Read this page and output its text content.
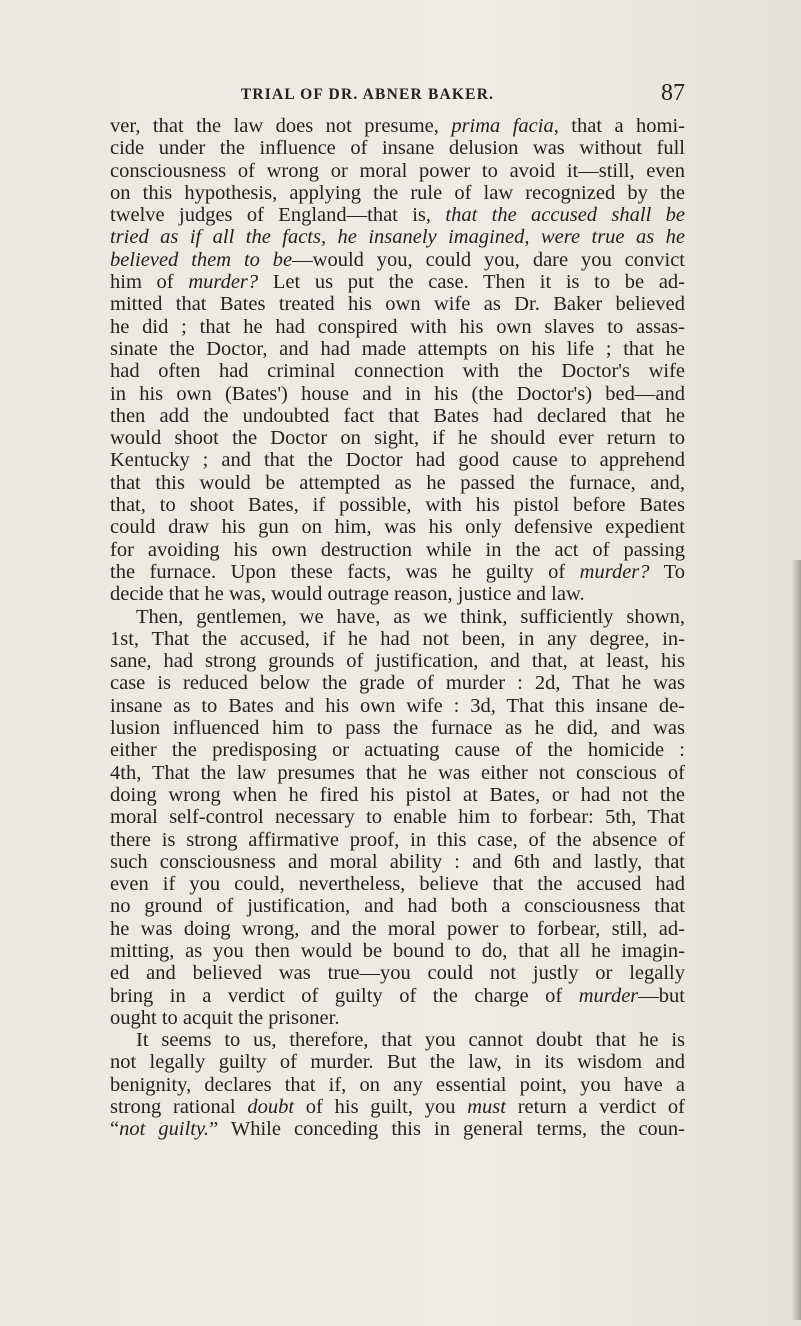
TRIAL OF DR. ABNER BAKER.	87
ver, that the law does not presume, prima facia, that a homi-
cide under the influence of insane delusion was without full
consciousness of wrong or moral power to avoid it—still, even
on this hypothesis, applying the rule of law recognized by the
twelve judges of England—that is, that the accused shall be
tried as if all the facts, he insanely imagined, were true as he
believed them to be—would you, could you, dare you convict
him of murder? Let us put the case. Then it is to be ad-
mitted that Bates treated his own wife as Dr. Baker believed
he did ; that he had conspired with his own slaves to assas-
sinate the Doctor, and had made attempts on his life ; that he
had often had criminal connection with the Doctor's wife
in his own (Bates') house and in his (the Doctor's) bed—and
then add the undoubted fact that Bates had declared that he
would shoot the Doctor on sight, if he should ever return to
Kentucky ; and that the Doctor had good cause to apprehend
that this would be attempted as he passed the furnace, and,
that, to shoot Bates, if possible, with his pistol before Bates
could draw his gun on him, was his only defensive expedient
for avoiding his own destruction while in the act of passing
the furnace. Upon these facts, was he guilty of murder? To
decide that he was, would outrage reason, justice and law.
Then, gentlemen, we have, as we think, sufficiently shown,
1st, That the accused, if he had not been, in any degree, in-
sane, had strong grounds of justification, and that, at least, his
case is reduced below the grade of murder : 2d, That he was
insane as to Bates and his own wife : 3d, That this insane de-
lusion influenced him to pass the furnace as he did, and was
either the predisposing or actuating cause of the homicide :
4th, That the law presumes that he was either not conscious of
doing wrong when he fired his pistol at Bates, or had not the
moral self-control necessary to enable him to forbear: 5th, That
there is strong affirmative proof, in this case, of the absence of
such consciousness and moral ability : and 6th and lastly, that
even if you could, nevertheless, believe that the accused had
no ground of justification, and had both a consciousness that
he was doing wrong, and the moral power to forbear, still, ad-
mitting, as you then would be bound to do, that all he imagin-
ed and believed was true—you could not justly or legally
bring in a verdict of guilty of the charge of murder—but
ought to acquit the prisoner.
It seems to us, therefore, that you cannot doubt that he is
not legally guilty of murder. But the law, in its wisdom and
benignity, declares that if, on any essential point, you have a
strong rational doubt of his guilt, you must return a verdict of
“not guilty.” While conceding this in general terms, the coun-
